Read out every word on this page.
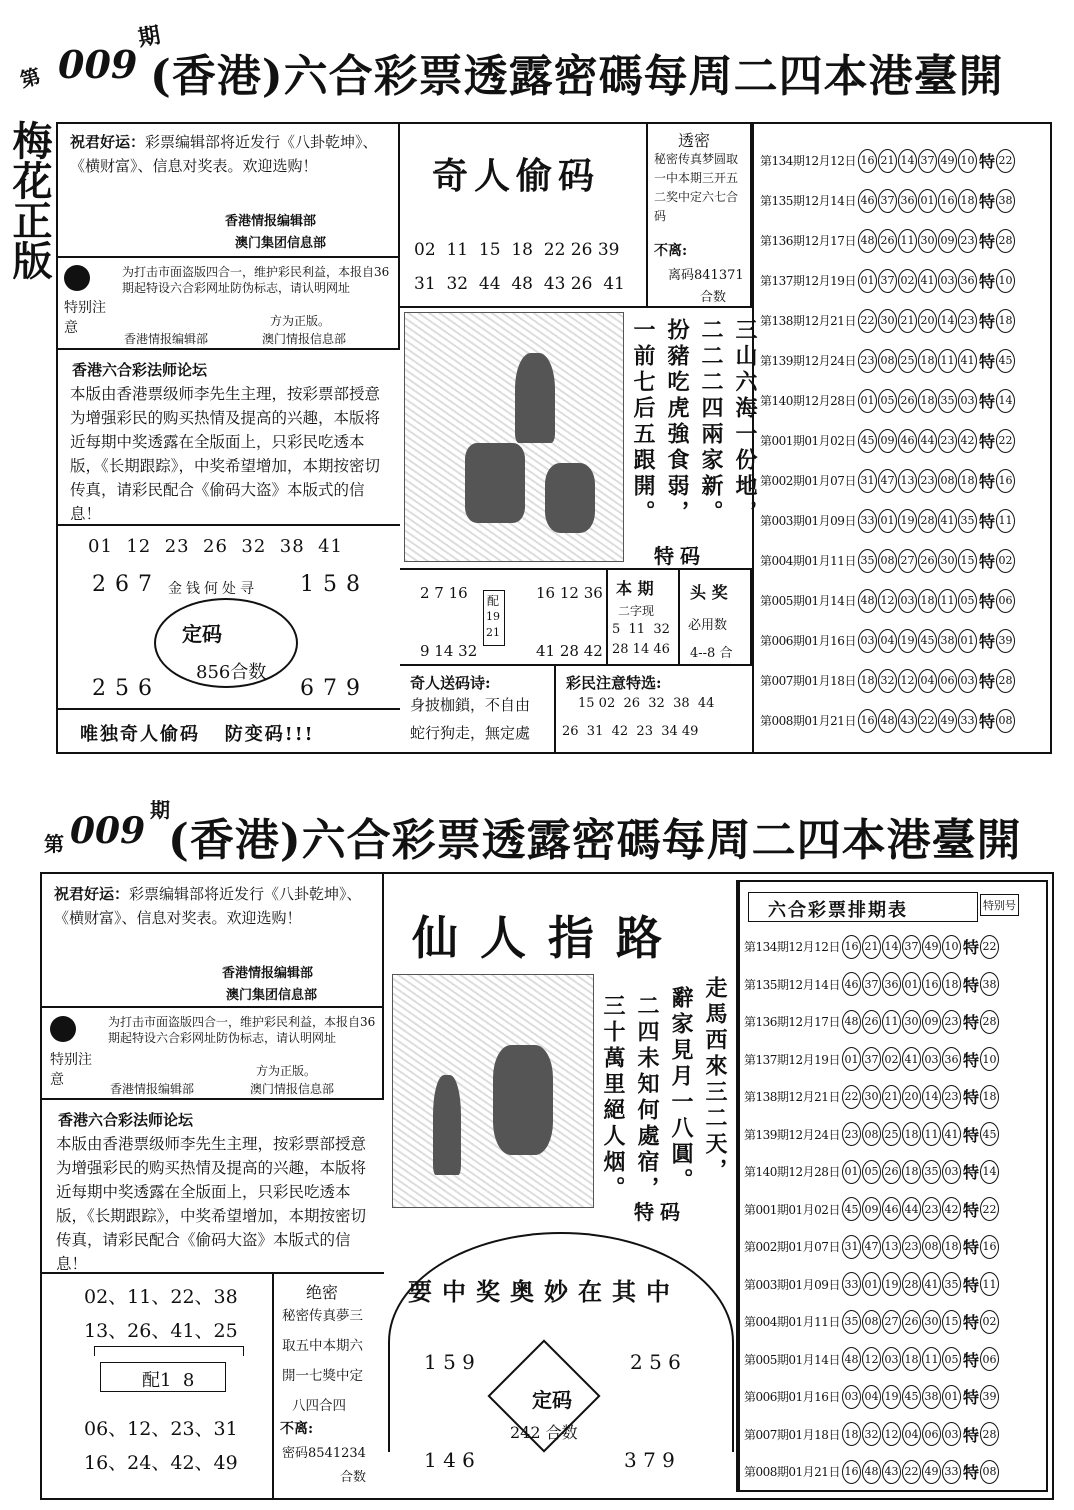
第 009
期
(香港)六合彩票透露密碼每周二四本港臺開
梅花正版 祝君好运：彩票编辑部将近发行《八卦乾坤》、《横财富》、信息对奖表。欢迎选购！
香港情报编辑部
澳门集团信息部
特别注意
为打击市面盗版四合一，维护彩民利益，本报自36期起特设六合彩网址防伪标志，请认明网址
方为正版。
香港情报编辑部	澳门情报信息部
香港六合彩法师论坛
本版由香港票级师李先生主理，按彩票部授意为增强彩民的购买热情及提高的兴趣，本版将近每期中奖透露在全版面上，只彩民吃透本版，《长期跟踪》，中奖希望增加，本期按密切传真，请彩民配合《偷码大盗》本版式的信息！
01  12  23  26  32  38  41
2 6 7	1 5 8
2 5 6	6 7 9
金钱何处寻
定码
856合数
唯独奇人偷码   防变码!!!
奇人偷码
02  11  15  18  22 26 39
31  32  44  48  43 26  41
透密
秘密传真梦圆取一中本期三开五二奖中定六七合码
不离:
离码841371
合数
三山六海一份地，
二二二四兩家新。
扮豬吃虎強食弱，
一前七后五跟開。
特码
2 7 16
9 14 32
配
19
21
16 12 36
41 28 42
本 期
二字现
5  11  32
28 14 46
头 奖
必用数
4--8 合
奇人送码诗:
身披枷鎖，不自由
蛇行狗走，無定處
彩民注意特选:
15 02  26  32  38  44
26  31  42  23  34 49
第134期12月12日 16 21 14 37 49 10 特 22
第135期12月14日 46 37 36 01 16 18 特 38
第136期12月17日 48 26 11 30 09 23 特 28
第137期12月19日 01 37 02 41 03 36 特 10
第138期12月21日 22 30 21 20 14 23 特 18
第139期12月24日 23 08 25 18 11 41 特 45
第140期12月28日 01 05 26 18 35 03 特 14
第001期01月02日 45 09 46 44 23 42 特 22
第002期01月07日 31 47 13 23 08 18 特 16
第003期01月09日 33 01 19 28 41 35 特 11
第004期01月11日 35 08 27 26 30 15 特 02
第005期01月14日 48 12 03 18 11 05 特 06
第006期01月16日 03 04 19 45 38 01 特 39
第007期01月18日 18 32 12 04 06 03 特 28
第008期01月21日 16 48 43 22 49 33 特 08
第 009 期
(香港)六合彩票透露密碼每周二四本港臺開
祝君好运：彩票编辑部将近发行《八卦乾坤》、《横财富》、信息对奖表。欢迎选购！
香港情报编辑部
澳门集团信息部
特别注意
为打击市面盗版四合一，维护彩民利益，本报自36期起特设六合彩网址防伪标志，请认明网址
方为正版。
香港情报编辑部	澳门情报信息部
香港六合彩法师论坛
本版由香港票级师李先生主理，按彩票部授意为增强彩民的购买热情及提高的兴趣，本版将近每期中奖透露在全版面上，只彩民吃透本版，《长期跟踪》，中奖希望增加，本期按密切传真，请彩民配合《偷码大盗》本版式的信息！
02、11、22、38
13、26、41、25
配1  8
06、12、23、31
16、24、42、49
绝密
秘密传真夢三
取五中本期六
開一七獎中定
八四合四
不离:
密码8541234
合数
仙人指路
走馬西來三二天，
辭家見月一八圓。
二四未知何處宿，
三十萬里絕人烟。
特码
要中奖奥妙在其中
1 5 9	2 5 6
1 4 6	3 7 9
定码
242 合数
六合彩票排期表	特别号
第134期12月12日 16 21 14 37 49 10 特 22
第135期12月14日 46 37 36 01 16 18 特 38
第136期12月17日 48 26 11 30 09 23 特 28
第137期12月19日 01 37 02 41 03 36 特 10
第138期12月21日 22 30 21 20 14 23 特 18
第139期12月24日 23 08 25 18 11 41 特 45
第140期12月28日 01 05 26 18 35 03 特 14
第001期01月02日 45 09 46 44 23 42 特 22
第002期01月07日 31 47 13 23 08 18 特 16
第003期01月09日 33 01 19 28 41 35 特 11
第004期01月11日 35 08 27 26 30 15 特 02
第005期01月14日 48 12 03 18 11 05 特 06
第006期01月16日 03 04 19 45 38 01 特 39
第007期01月18日 18 32 12 04 06 03 特 28
第008期01月21日 16 48 43 22 49 33 特 08
